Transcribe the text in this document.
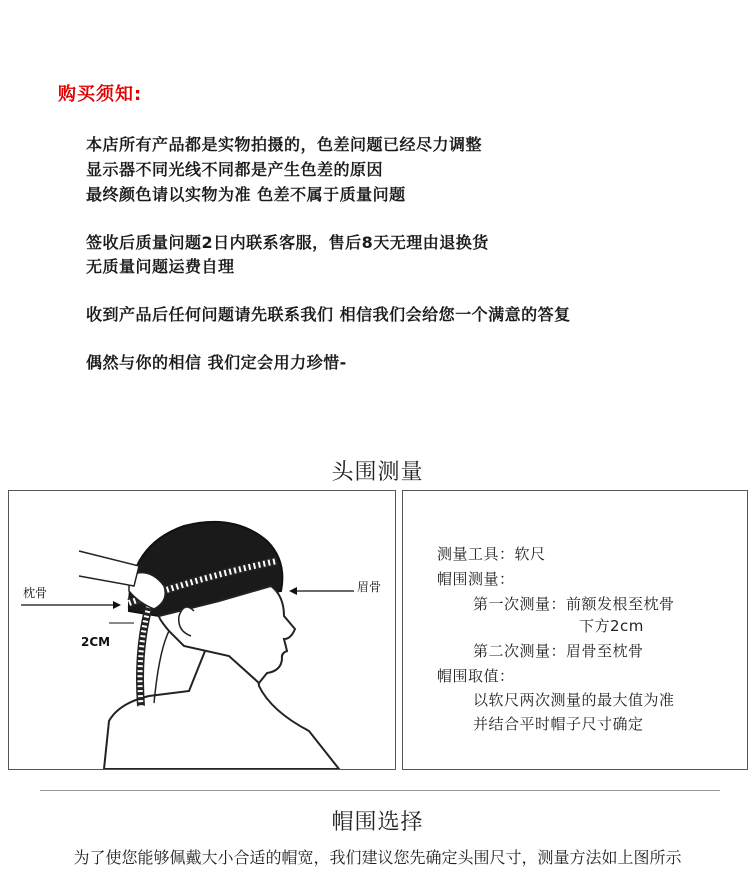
购买须知:
本店所有产品都是实物拍摄的，色差问题已经尽力调整
显示器不同光线不同都是产生色差的原因
最终颜色请以实物为准 色差不属于质量问题
签收后质量问题2日内联系客服，售后8天无理由退换货
无质量问题运费自理
收到产品后任何问题请先联系我们 相信我们会给您一个满意的答复
偶然与你的相信 我们定会用力珍惜-
头围测量
枕骨	眉骨
2CM
测量工具：软尺
帽围测量：
第一次测量：前额发根至枕骨
下方2cm
第二次测量：眉骨至枕骨
帽围取值：
以软尺两次测量的最大值为准
并结合平时帽子尺寸确定
帽围选择
为了使您能够佩戴大小合适的帽宽，我们建议您先确定头围尺寸，测量方法如上图所示
